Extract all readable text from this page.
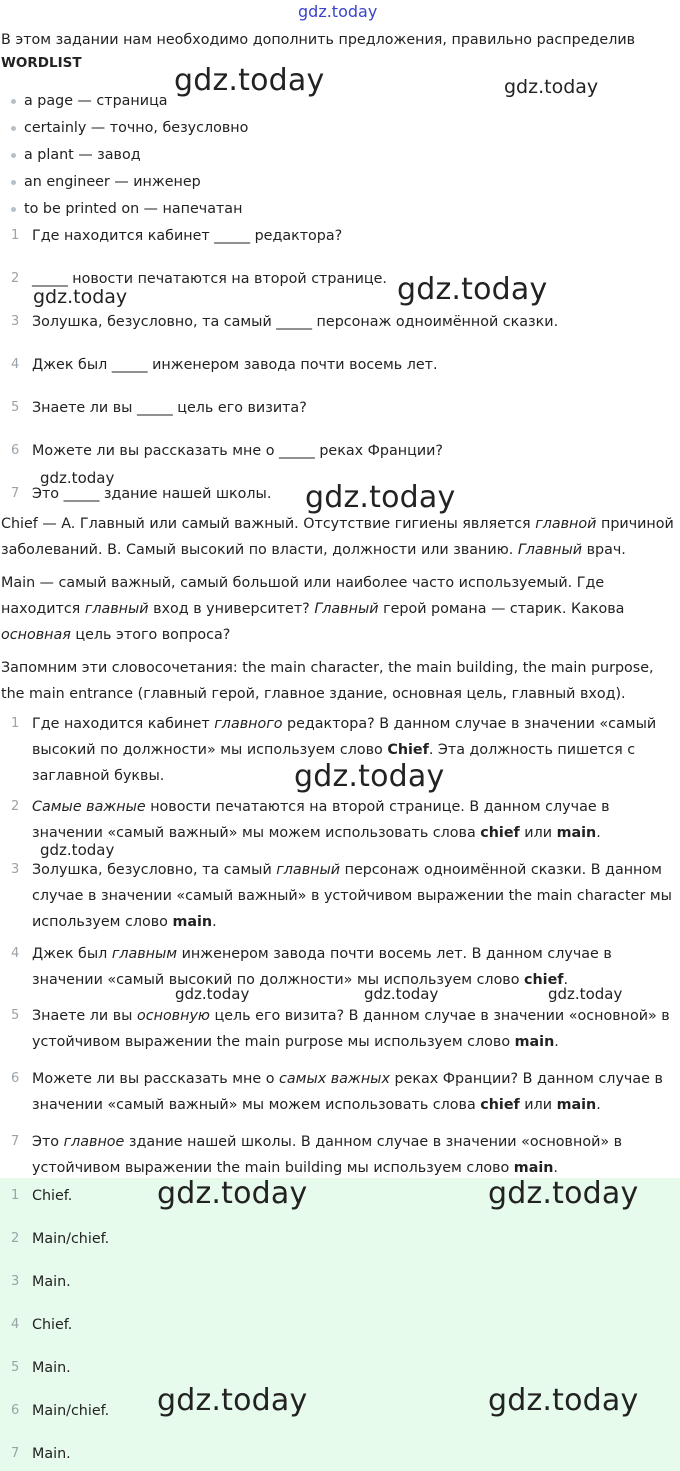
gdz.today
В этом задании нам необходимо дополнить предложения, правильно распределив
WORDLIST
a page — страница
certainly — точно, безусловно
a plant — завод
an engineer — инженер
to be printed on — напечатан
1 Где находится кабинет _____ редактора?
2 _____ новости печатаются на второй странице.
3 Золушка, безусловно, та самый _____ персонаж одноимённой сказки.
4 Джек был _____ инженером завода почти восемь лет.
5 Знаете ли вы _____ цель его визита?
6 Можете ли вы рассказать мне о _____ реках Франции?
7 Это _____ здание нашей школы.
Chief — A. Главный или самый важный. Отсутствие гигиены является главной причиной
заболеваний. B. Самый высокий по власти, должности или званию. Главный врач.
Main — самый важный, самый большой или наиболее часто используемый. Где
находится главный вход в университет? Главный герой романа — старик. Какова
основная цель этого вопроса?
Запомним эти словосочетания: the main character, the main building, the main purpose,
the main entrance (главный герой, главное здание, основная цель, главный вход).
1 Где находится кабинет главного редактора? В данном случае в значении «самый
высокий по должности» мы используем слово Chief. Эта должность пишется с
заглавной буквы.
2 Самые важные новости печатаются на второй странице. В данном случае в
значении «самый важный» мы можем использовать слова chief или main.
3 Золушка, безусловно, та самый главный персонаж одноимённой сказки. В данном
случае в значении «самый важный» в устойчивом выражении the main character мы
используем слово main.
4 Джек был главным инженером завода почти восемь лет. В данном случае в
значении «самый высокий по должности» мы используем слово chief.
5 Знаете ли вы основную цель его визита? В данном случае в значении «основной» в
устойчивом выражении the main purpose мы используем слово main.
6 Можете ли вы рассказать мне о самых важных реках Франции? В данном случае в
значении «самый важный» мы можем использовать слова chief или main.
7 Это главное здание нашей школы. В данном случае в значении «основной» в
устойчивом выражении the main building мы используем слово main.
1 Chief.
2 Main/chief.
3 Main.
4 Chief.
5 Main.
6 Main/chief.
7 Main.
gdz.today	gdz.today
gdz.today
gdz.today
gdz.today
gdz.today
gdz.today
gdz.today
gdz.today	gdz.today	gdz.today
gdz.today	gdz.today
gdz.today	gdz.today
